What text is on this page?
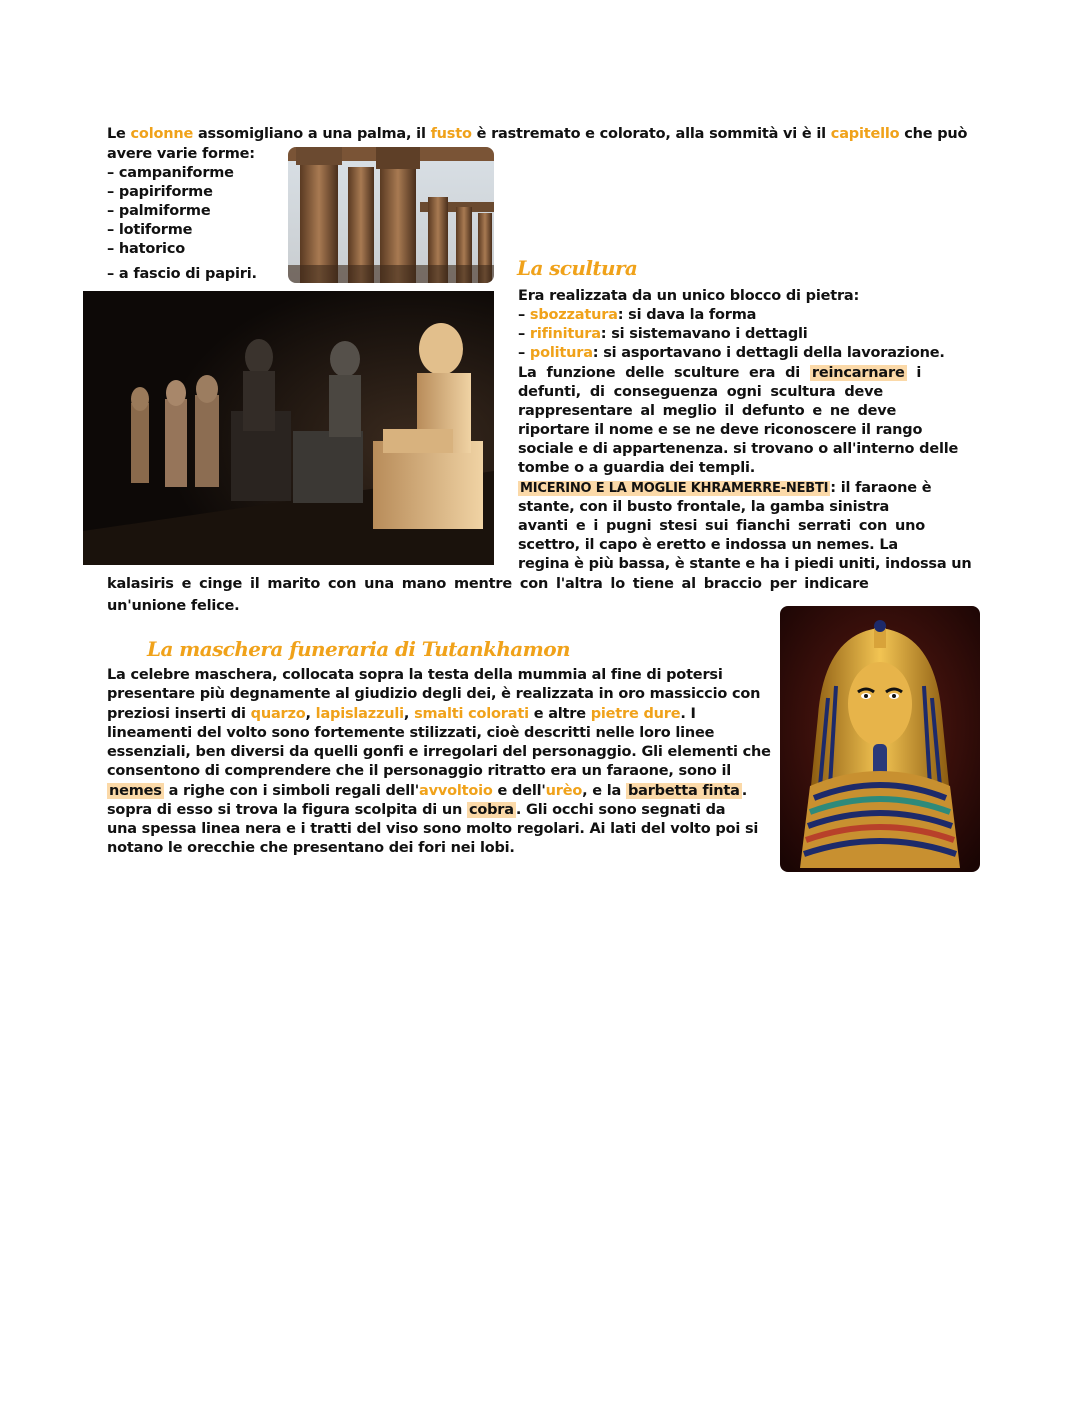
Le colonne assomigliano a una palma, il fusto è rastremato e colorato, alla sommità vi è il capitello che può
avere varie forme:
– campaniforme
– papiriforme
– palmiforme
– lotiforme
– hatorico
– a fascio di papiri.	La scultura
Era realizzata da un unico blocco di pietra:
– sbozzatura: si dava la forma
– rifinitura: si sistemavano i dettagli
– politura: si asportavano i dettagli della lavorazione.
La funzione delle sculture era di reincarnare i
defunti, di conseguenza ogni scultura deve
rappresentare al meglio il defunto e ne deve
riportare il nome e se ne deve riconoscere il rango
sociale e di appartenenza. si trovano o all'interno delle
tombe o a guardia dei templi.
MICERINO E LA MOGLIE KHRAMERRE-NEBTI : il faraone è
stante, con il busto frontale, la gamba sinistra
avanti e i pugni stesi sui fianchi serrati con uno
scettro, il capo è eretto e indossa un nemes. La
regina è più bassa, è stante e ha i piedi uniti, indossa un
kalasiris e cinge il marito con una mano mentre con l'altra lo tiene al braccio per indicare
un'unione felice.
La maschera funeraria di Tutankhamon
La celebre maschera, collocata sopra la testa della mummia al fine di potersi
presentare più degnamente al giudizio degli dei, è realizzata in oro massiccio con
preziosi inserti di quarzo, lapislazzuli, smalti colorati e altre pietre dure. I
lineamenti del volto sono fortemente stilizzati, cioè descritti nelle loro linee
essenziali, ben diversi da quelli gonfi e irregolari del personaggio. Gli elementi che
consentono di comprendere che il personaggio ritratto era un faraone, sono il
nemes a righe con i simboli regali dell'avvoltoio e dell'urèo, e la barbetta finta .
sopra di esso si trova la figura scolpita di un cobra . Gli occhi sono segnati da
una spessa linea nera e i tratti del viso sono molto regolari. Ai lati del volto poi si
notano le orecchie che presentano dei fori nei lobi.
